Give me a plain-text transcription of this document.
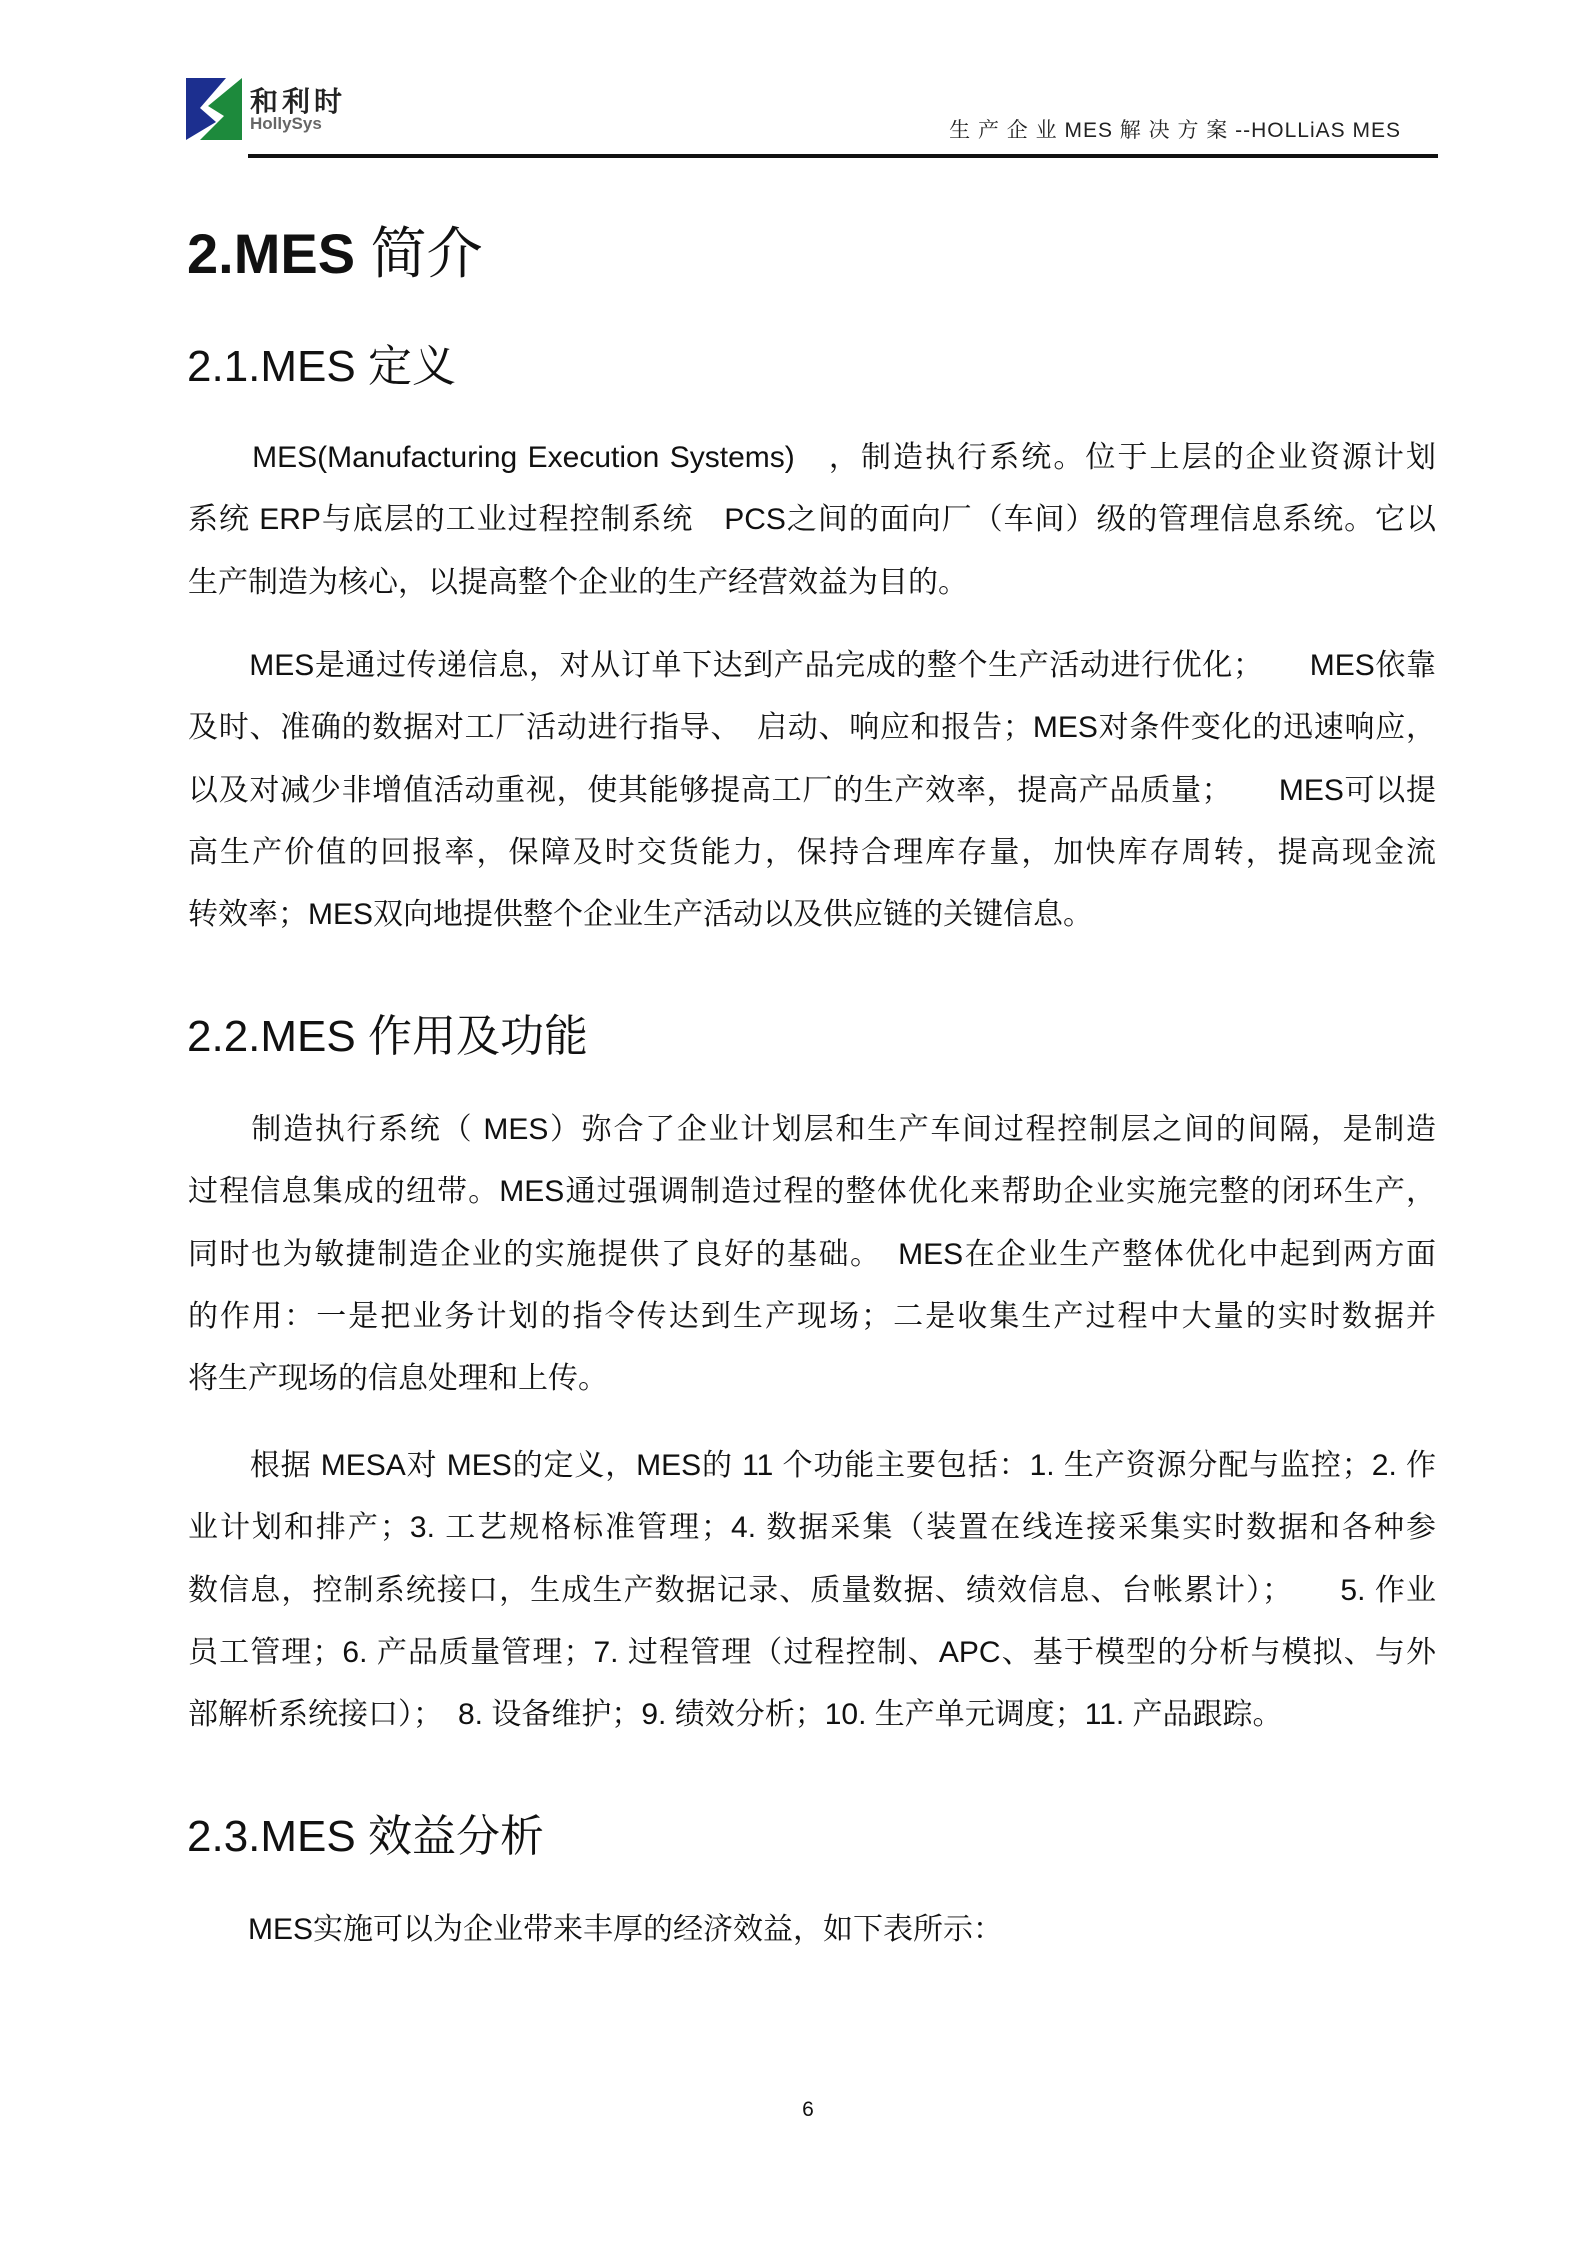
和利时
HollySys	生 产 企 业 MES 解 决 方 案 --HOLLiAS MES
2.MES 简介
2.1.MES 定义
　　MES(Manufacturing Execution Systems)　，制造执行系统。位于上层的企业资源计划
系统 ERP与底层的工业过程控制系统　PCS之间的面向厂（车间）级的管理信息系统。它以
生产制造为核心，以提高整个企业的生产经营效益为目的。
　　MES是通过传递信息，对从订单下达到产品完成的整个生产活动进行优化；　　MES依靠
及时、准确的数据对工厂活动进行指导、　启动、响应和报告；MES对条件变化的迅速响应，
以及对减少非增值活动重视，使其能够提高工厂的生产效率，提高产品质量；　　MES可以提
高生产价值的回报率，保障及时交货能力，保持合理库存量，加快库存周转，提高现金流
转效率；MES双向地提供整个企业生产活动以及供应链的关键信息。
2.2.MES 作用及功能
　　制造执行系统（ MES）弥合了企业计划层和生产车间过程控制层之间的间隔，是制造
过程信息集成的纽带。MES通过强调制造过程的整体优化来帮助企业实施完整的闭环生产，
同时也为敏捷制造企业的实施提供了良好的基础。　MES在企业生产整体优化中起到两方面
的作用：一是把业务计划的指令传达到生产现场；二是收集生产过程中大量的实时数据并
将生产现场的信息处理和上传。
　　根据 MESA对 MES的定义，MES的 11 个功能主要包括：1. 生产资源分配与监控；2. 作
业计划和排产；3. 工艺规格标准管理；4. 数据采集（装置在线连接采集实时数据和各种参
数信息，控制系统接口，生成生产数据记录、质量数据、绩效信息、台帐累计）；　　5. 作业
员工管理；6. 产品质量管理；7. 过程管理（过程控制、APC、基于模型的分析与模拟、与外
部解析系统接口）；　8. 设备维护；9. 绩效分析；10. 生产单元调度；11. 产品跟踪。
2.3.MES 效益分析
　　MES实施可以为企业带来丰厚的经济效益，如下表所示：
6
